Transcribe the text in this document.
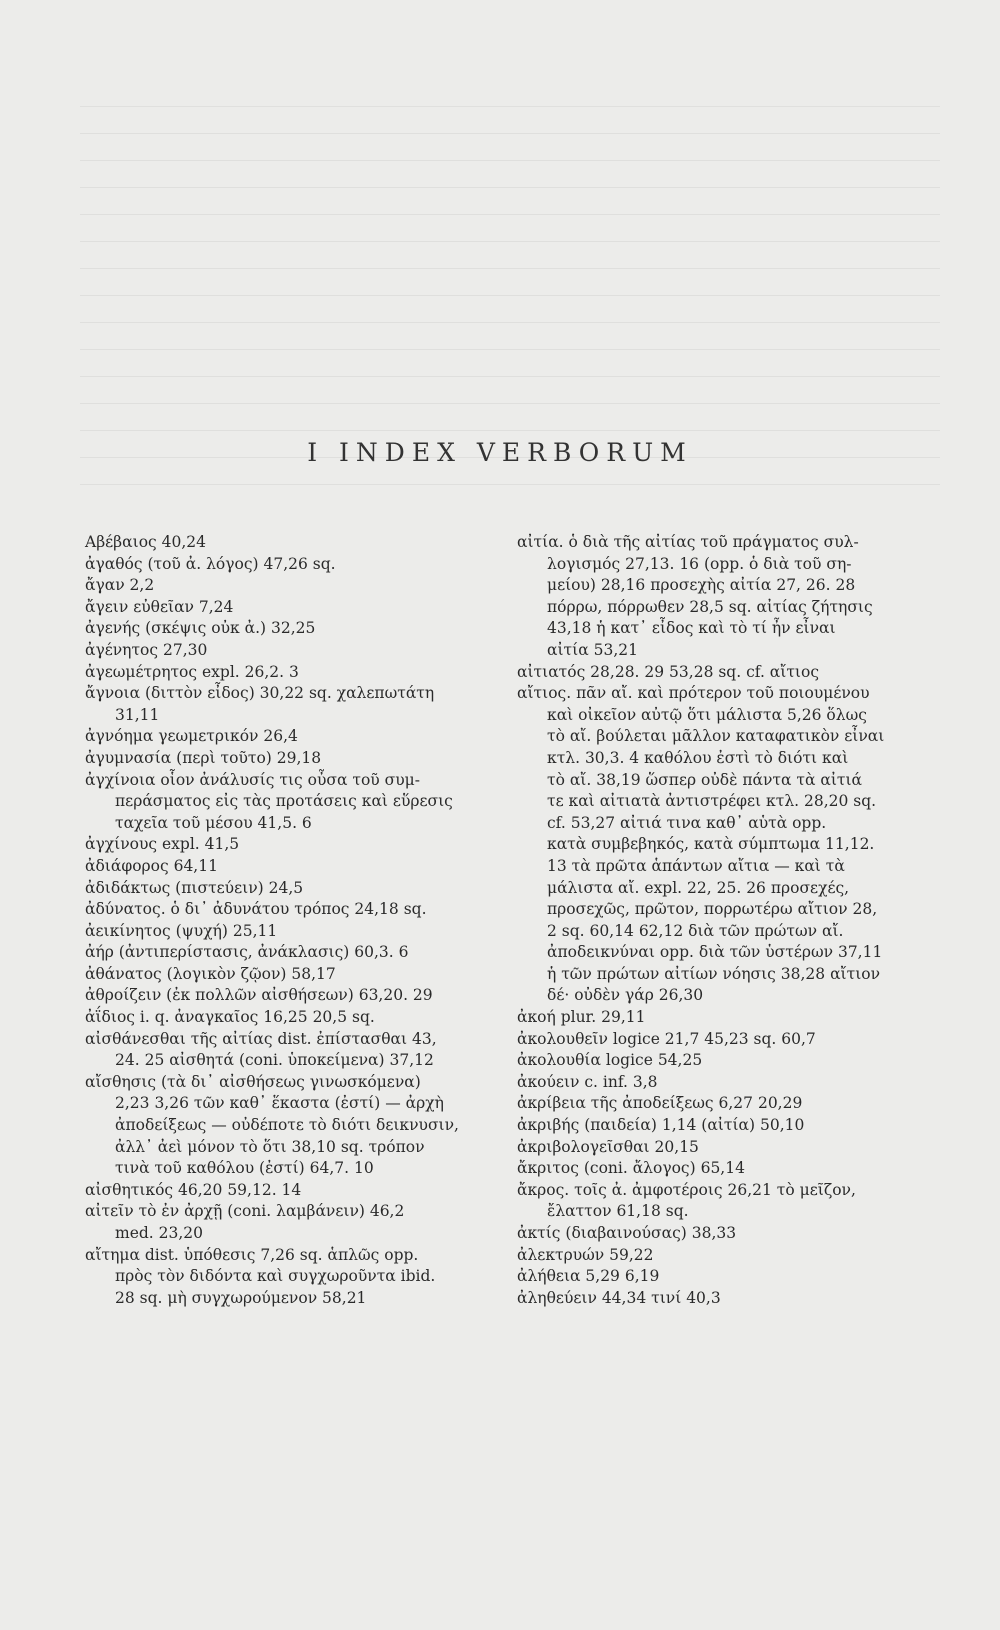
I INDEX VERBORUM
Αβέβαιος 40,24
ἀγαθός (τοῦ ἀ. λόγος) 47,26 sq.
ἄγαν 2,2
ἄγειν εὐθεῖαν 7,24
ἀγενής (σκέψις οὐκ ἀ.) 32,25
ἀγένητος 27,30
ἀγεωμέτρητος expl. 26,2. 3
ἄγνοια (διττὸν εἶδος) 30,22 sq. χαλεπωτάτη
31,11
ἀγνόημα γεωμετρικόν 26,4
ἀγυμνασία (περὶ τοῦτο) 29,18
ἀγχίνοια οἷον ἀνάλυσίς τις οὖσα τοῦ συμ-
περάσματος εἰς τὰς προτάσεις καὶ εὕρεσις
ταχεῖα τοῦ μέσου 41,5. 6
ἀγχίνους expl. 41,5
ἀδιάφορος 64,11
ἀδιδάκτως (πιστεύειν) 24,5
ἀδύνατος. ὁ δι᾽ ἀδυνάτου τρόπος 24,18 sq.
ἀεικίνητος (ψυχή) 25,11
ἀήρ (ἀντιπερίστασις, ἀνάκλασις) 60,3. 6
ἀθάνατος (λογικὸν ζῷον) 58,17
ἀθροίζειν (ἐκ πολλῶν αἰσθήσεων) 63,20. 29
ἀΐδιος i. q. ἀναγκαῖος 16,25 20,5 sq.
αἰσθάνεσθαι τῆς αἰτίας dist. ἐπίστασθαι 43,
24. 25 αἰσθητά (coni. ὑποκείμενα) 37,12
αἴσθησις (τὰ δι᾽ αἰσθήσεως γινωσκόμενα)
2,23 3,26 τῶν καθ᾽ ἕκαστα (ἐστί) — ἀρχὴ
ἀποδείξεως — οὐδέποτε τὸ διότι δεικνυσιν,
ἀλλ᾽ ἀεὶ μόνον τὸ ὅτι 38,10 sq. τρόπον
τινὰ τοῦ καθόλου (ἐστί) 64,7. 10
αἰσθητικός 46,20 59,12. 14
αἰτεῖν τὸ ἐν ἀρχῇ (coni. λαμβάνειν) 46,2
med. 23,20
αἴτημα dist. ὑπόθεσις 7,26 sq. ἁπλῶς opp.
πρὸς τὸν διδόντα καὶ συγχωροῦντα ibid.
28 sq. μὴ συγχωρούμενον 58,21
αἰτία. ὁ διὰ τῆς αἰτίας τοῦ πράγματος συλ-
λογισμός 27,13. 16 (opp. ὁ διὰ τοῦ ση-
μείου) 28,16 προσεχὴς αἰτία 27, 26. 28
πόρρω, πόρρωθεν 28,5 sq. αἰτίας ζήτησις
43,18 ἡ κατ᾽ εἶδος καὶ τὸ τί ἦν εἶναι
αἰτία 53,21
αἰτιατός 28,28. 29 53,28 sq. cf. αἴτιος
αἴτιος. πᾶν αἴ. καὶ πρότερον τοῦ ποιουμένου
καὶ οἰκεῖον αὐτῷ ὅτι μάλιστα 5,26 ὅλως
τὸ αἴ. βούλεται μᾶλλον καταφατικὸν εἶναι
κτλ. 30,3. 4 καθόλου ἐστὶ τὸ διότι καὶ
τὸ αἴ. 38,19 ὥσπερ οὐδὲ πάντα τὰ αἰτιά
τε καὶ αἰτιατὰ ἀντιστρέφει κτλ. 28,20 sq.
cf. 53,27 αἰτιά τινα καθ᾽ αὑτὰ opp.
κατὰ συμβεβηκός, κατὰ σύμπτωμα 11,12.
13 τὰ πρῶτα ἁπάντων αἴτια — καὶ τὰ
μάλιστα αἴ. expl. 22, 25. 26 προσεχές,
προσεχῶς, πρῶτον, πορρωτέρω αἴτιον 28,
2 sq. 60,14 62,12 διὰ τῶν πρώτων αἴ.
ἀποδεικνύναι opp. διὰ τῶν ὑστέρων 37,11
ἡ τῶν πρώτων αἰτίων νόησις 38,28 αἴτιον
δέ· οὐδὲν γάρ 26,30
ἀκοή plur. 29,11
ἀκολουθεῖν logice 21,7 45,23 sq. 60,7
ἀκολουθία logice 54,25
ἀκούειν c. inf. 3,8
ἀκρίβεια τῆς ἀποδείξεως 6,27 20,29
ἀκριβής (παιδεία) 1,14 (αἰτία) 50,10
ἀκριβολογεῖσθαι 20,15
ἄκριτος (coni. ἄλογος) 65,14
ἄκρος. τοῖς ἀ. ἀμφοτέροις 26,21 τὸ μεῖζον,
ἔλαττον 61,18 sq.
ἀκτίς (διαβαινούσας) 38,33
ἀλεκτρυών 59,22
ἀλήθεια 5,29 6,19
ἀληθεύειν 44,34 τινί 40,3
